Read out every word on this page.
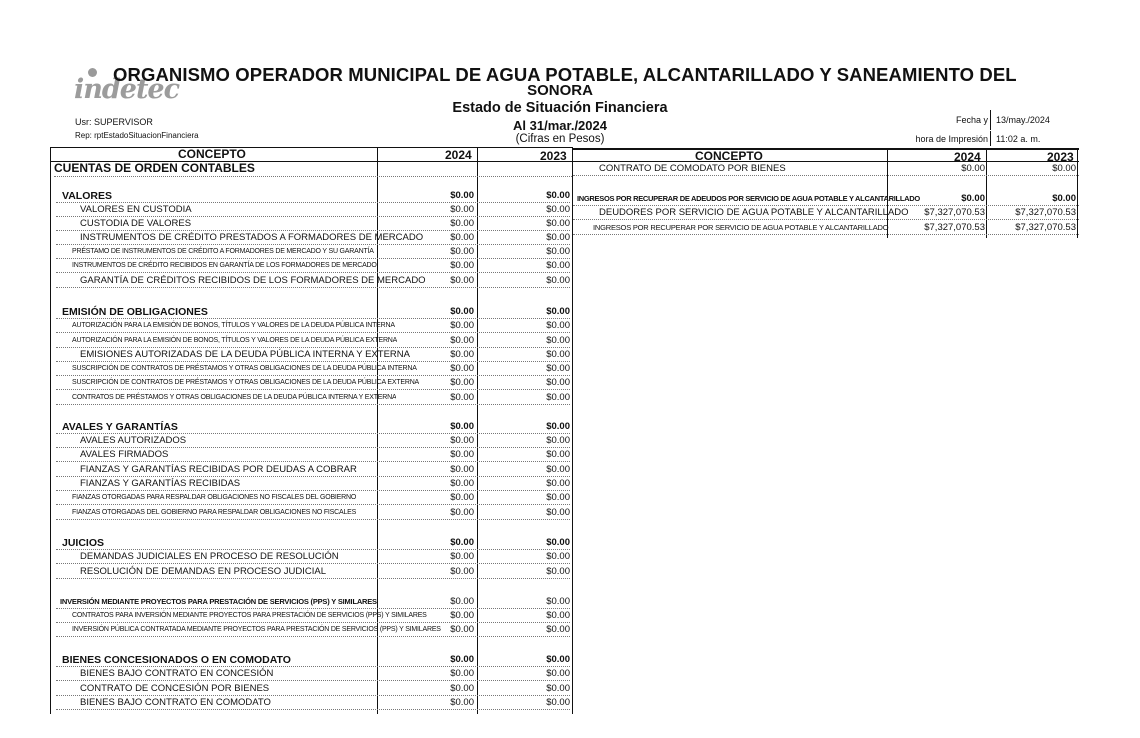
indetec
ORGANISMO OPERADOR MUNICIPAL DE AGUA POTABLE, ALCANTARILLADO Y SANEAMIENTO DEL
SONORA
Estado de Situación Financiera
Al 31/mar./2024
(Cifras en Pesos)
Usr: SUPERVISOR
Rep: rptEstadoSituacionFinanciera
Fecha y 13/may./2024
hora de Impresión 11:02 a. m.
CONCEPTO	2024	2023
CUENTAS DE ORDEN CONTABLES
VALORES	$0.00	$0.00
VALORES EN CUSTODIA	$0.00	$0.00
CUSTODIA DE VALORES	$0.00	$0.00
INSTRUMENTOS DE CRÉDITO PRESTADOS A FORMADORES DE MERCADO	$0.00	$0.00
PRÉSTAMO DE INSTRUMENTOS DE CRÉDITO A FORMADORES DE MERCADO Y SU GARANTÍA	$0.00	$0.00
INSTRUMENTOS DE CRÉDITO RECIBIDOS EN GARANTÍA DE LOS FORMADORES DE MERCADO	$0.00	$0.00
GARANTÍA DE CRÉDITOS RECIBIDOS DE LOS FORMADORES DE MERCADO	$0.00	$0.00
EMISIÓN DE OBLIGACIONES	$0.00	$0.00
AUTORIZACIÓN PARA LA EMISIÓN DE BONOS, TÍTULOS Y VALORES DE LA DEUDA PÚBLICA INTERNA	$0.00	$0.00
AUTORIZACIÓN PARA LA EMISIÓN DE BONOS, TÍTULOS Y VALORES DE LA DEUDA PÚBLICA EXTERNA	$0.00	$0.00
EMISIONES AUTORIZADAS DE LA DEUDA PÚBLICA INTERNA Y EXTERNA	$0.00	$0.00
SUSCRIPCIÓN DE CONTRATOS DE PRÉSTAMOS Y OTRAS OBLIGACIONES DE LA DEUDA PÚBLICA INTERNA	$0.00	$0.00
SUSCRIPCIÓN DE CONTRATOS DE PRÉSTAMOS Y OTRAS OBLIGACIONES DE LA DEUDA PÚBLICA EXTERNA	$0.00	$0.00
CONTRATOS DE PRÉSTAMOS Y OTRAS OBLIGACIONES DE LA DEUDA PÚBLICA INTERNA Y EXTERNA	$0.00	$0.00
AVALES Y GARANTÍAS	$0.00	$0.00
AVALES AUTORIZADOS	$0.00	$0.00
AVALES FIRMADOS	$0.00	$0.00
FIANZAS Y GARANTÍAS RECIBIDAS POR DEUDAS A COBRAR	$0.00	$0.00
FIANZAS Y GARANTÍAS RECIBIDAS	$0.00	$0.00
FIANZAS OTORGADAS PARA RESPALDAR OBLIGACIONES NO FISCALES DEL GOBIERNO	$0.00	$0.00
FIANZAS OTORGADAS DEL GOBIERNO PARA RESPALDAR OBLIGACIONES NO FISCALES	$0.00	$0.00
JUICIOS	$0.00	$0.00
DEMANDAS JUDICIALES EN PROCESO DE RESOLUCIÓN	$0.00	$0.00
RESOLUCIÓN DE DEMANDAS EN PROCESO JUDICIAL	$0.00	$0.00
INVERSIÓN MEDIANTE PROYECTOS PARA PRESTACIÓN DE SERVICIOS (PPS) Y SIMILARES	$0.00	$0.00
CONTRATOS PARA INVERSIÓN MEDIANTE PROYECTOS PARA PRESTACIÓN DE SERVICIOS (PPS) Y SIMILARES	$0.00	$0.00
INVERSIÓN PÚBLICA CONTRATADA MEDIANTE PROYECTOS PARA PRESTACIÓN DE SERVICIOS (PPS) Y SIMILARES $0.00	$0.00
BIENES CONCESIONADOS O EN COMODATO	$0.00	$0.00
BIENES BAJO CONTRATO EN CONCESIÓN	$0.00	$0.00
CONTRATO DE CONCESIÓN POR BIENES	$0.00	$0.00
BIENES BAJO CONTRATO EN COMODATO	$0.00	$0.00
CONCEPTO	2024	2023
CONTRATO DE COMODATO POR BIENES	$0.00	$0.00
INGRESOS POR RECUPERAR DE ADEUDOS POR SERVICIO DE AGUA POTABLE Y ALCANTARILLADO	$0.00	$0.00
DEUDORES POR SERVICIO DE AGUA POTABLE Y ALCANTARILLADO	$7,327,070.53	$7,327,070.53
INGRESOS POR RECUPERAR POR SERVICIO DE AGUA POTABLE Y ALCANTARILLADO	$7,327,070.53	$7,327,070.53
